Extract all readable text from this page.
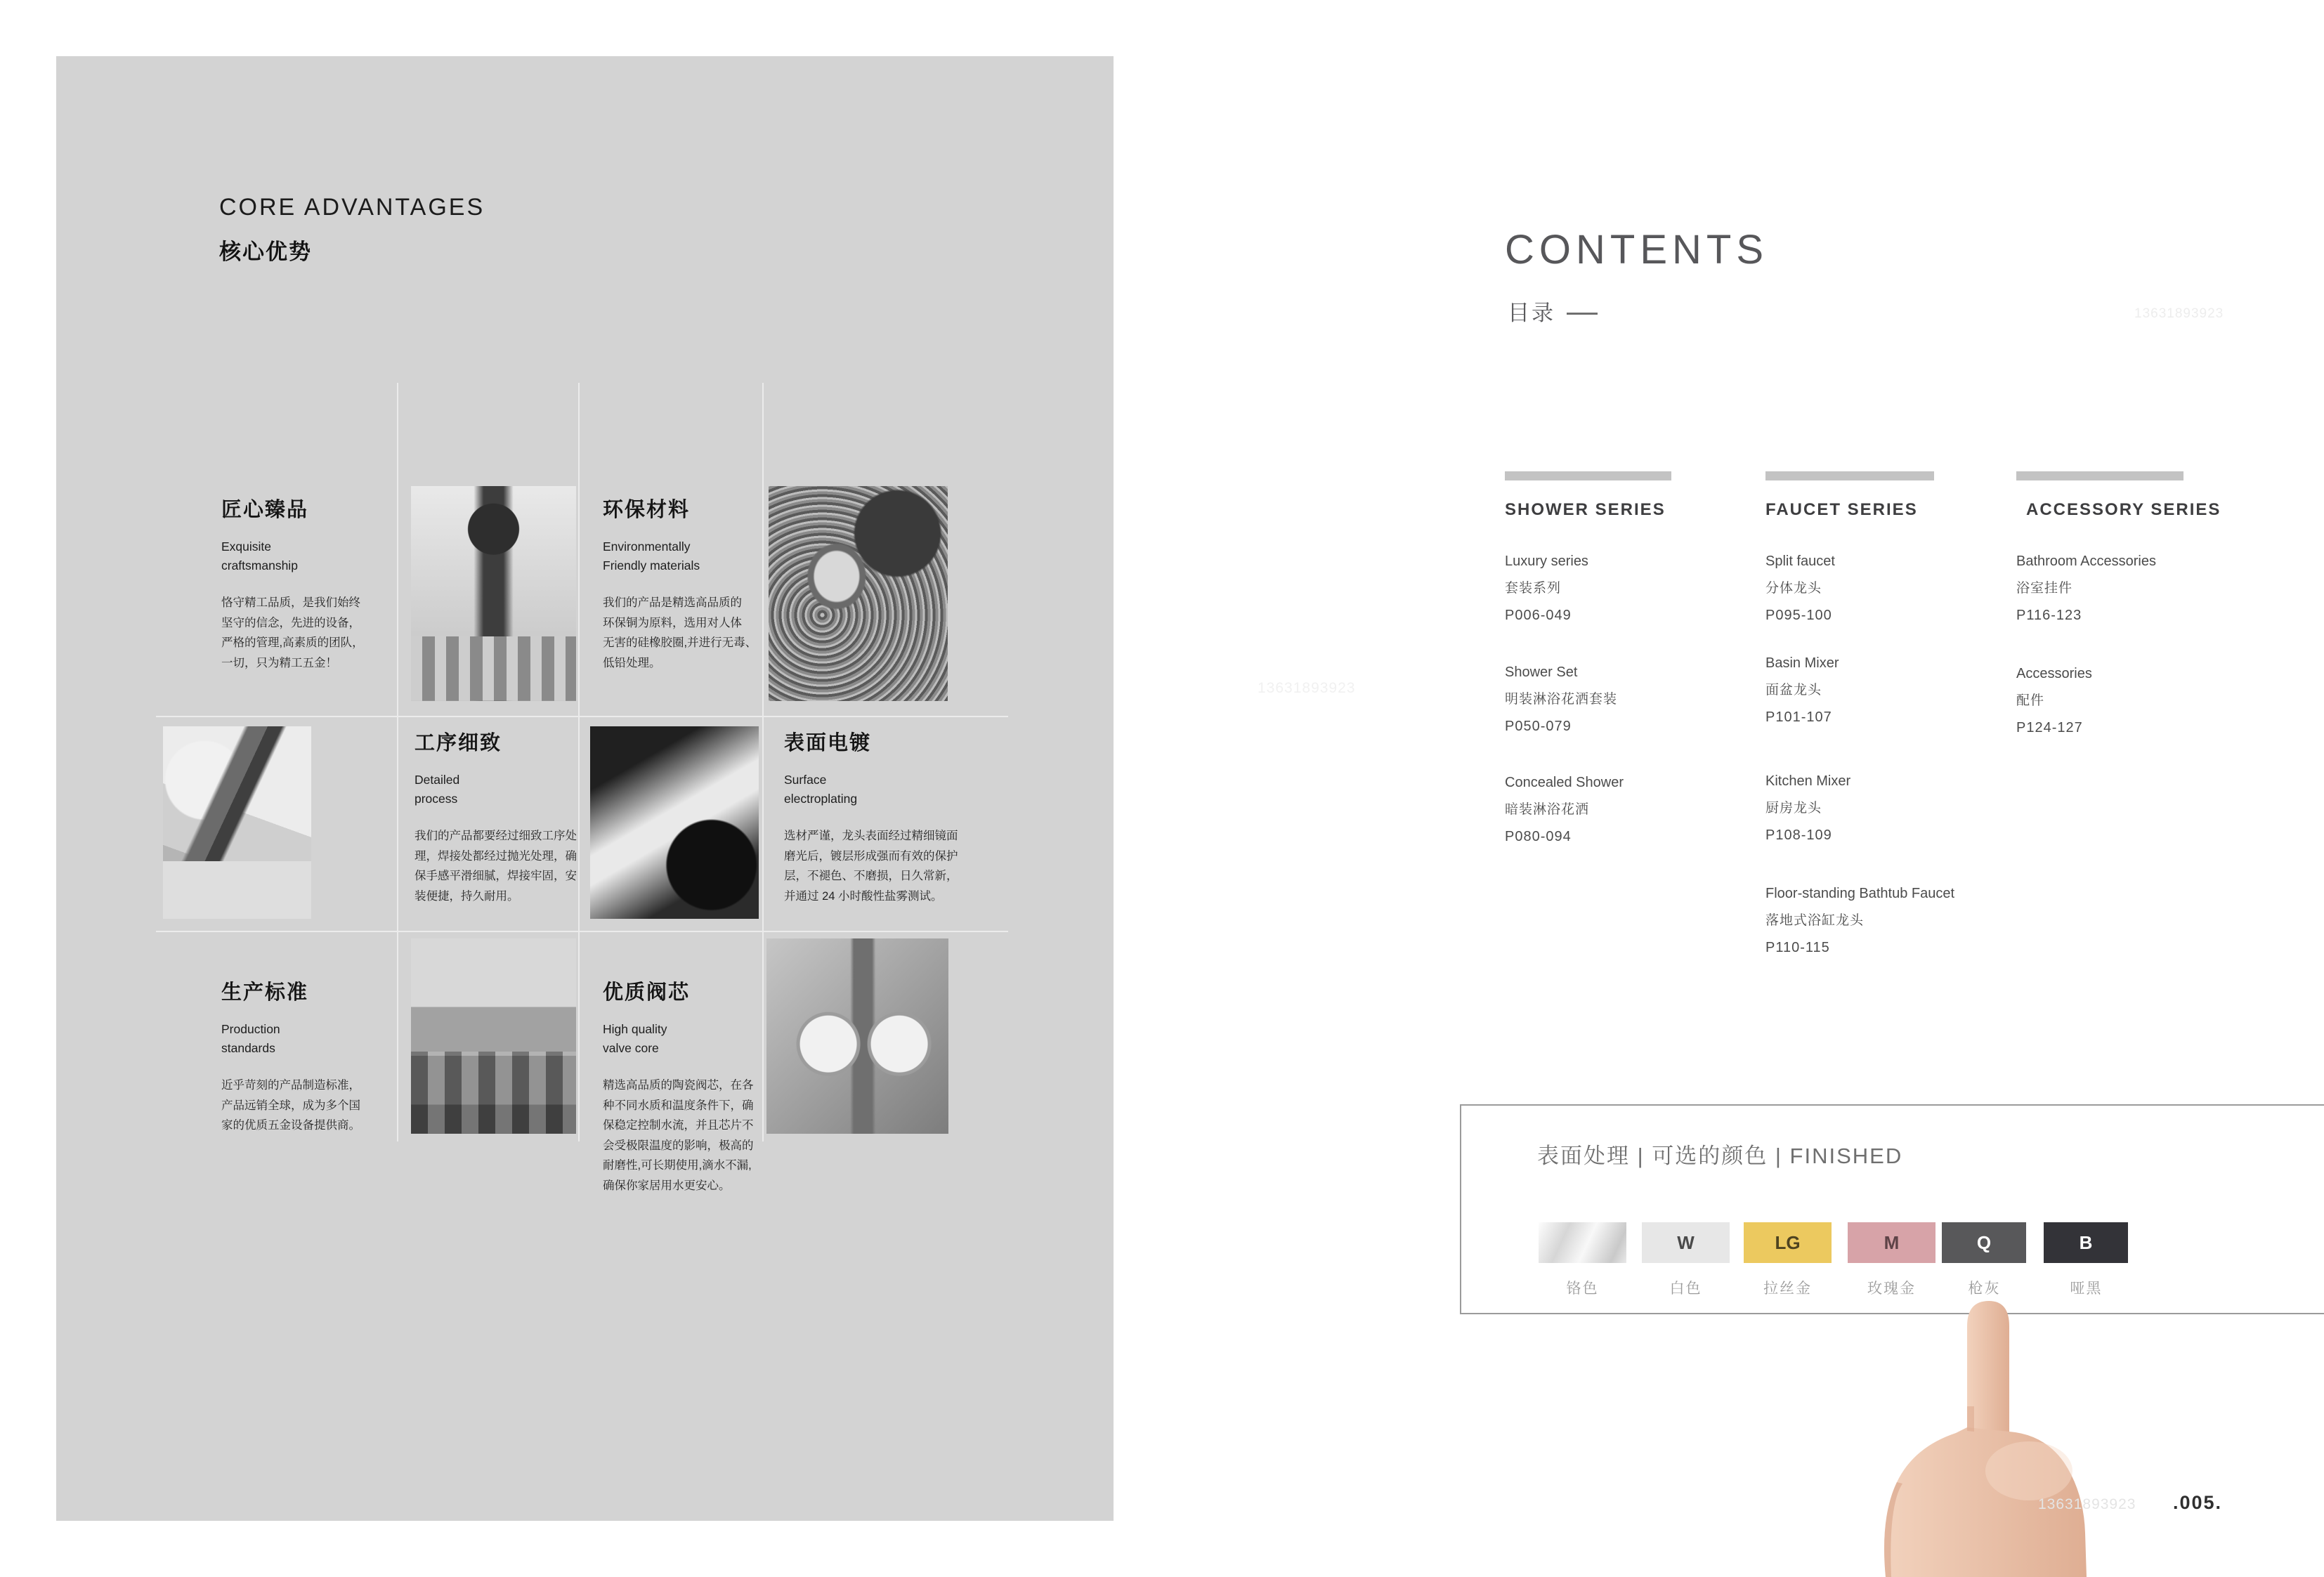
CORE ADVANTAGES
核心优势
匠心臻品
Exquisite
craftsmanship
恪守精工品质，是我们始终
坚守的信念，先进的设备，
严格的管理,高素质的团队，
一切，只为精工五金！
环保材料
Environmentally
Friendly materials
我们的产品是精选高品质的
环保铜为原料，选用对人体
无害的硅橡胶圈,并进行无毒、
低铅处理。
工序细致
Detailed
process
我们的产品都要经过细致工序处
理，焊接处都经过抛光处理，确
保手感平滑细腻，焊接牢固，安
装便捷，持久耐用。
表面电镀
Surface
electroplating
选材严谨，龙头表面经过精细镜面
磨光后，镀层形成强而有效的保护
层，不褪色、不磨损，日久常新，
并通过 24 小时酸性盐雾测试。
生产标准
Production
standards
近乎苛刻的产品制造标准，
产品远销全球，成为多个国
家的优质五金设备提供商。
优质阀芯
High quality
valve core
精选高品质的陶瓷阀芯，在各
种不同水质和温度条件下，确
保稳定控制水流，并且芯片不
会受极限温度的影响，极高的
耐磨性,可长期使用,滴水不漏,
确保你家居用水更安心。
CONTENTS
目录	13631893923
13631893923
SHOWER SERIES
Luxury series
套装系列
P006-049
Shower Set
明装淋浴花洒套装
P050-079
Concealed Shower
暗装淋浴花洒
P080-094
FAUCET SERIES
Split faucet
分体龙头
P095-100
Basin Mixer
面盆龙头
P101-107
Kitchen Mixer
厨房龙头
P108-109
Floor-standing Bathtub Faucet
落地式浴缸龙头
P110-115
ACCESSORY SERIES
Bathroom Accessories
浴室挂件
P116-123
Accessories
配件
P124-127
表面处理 | 可选的颜色 | FINISHED
铬色
W
白色
LG
拉丝金
M
玫瑰金
Q
枪灰
B
哑黑
13631893923 .005.
